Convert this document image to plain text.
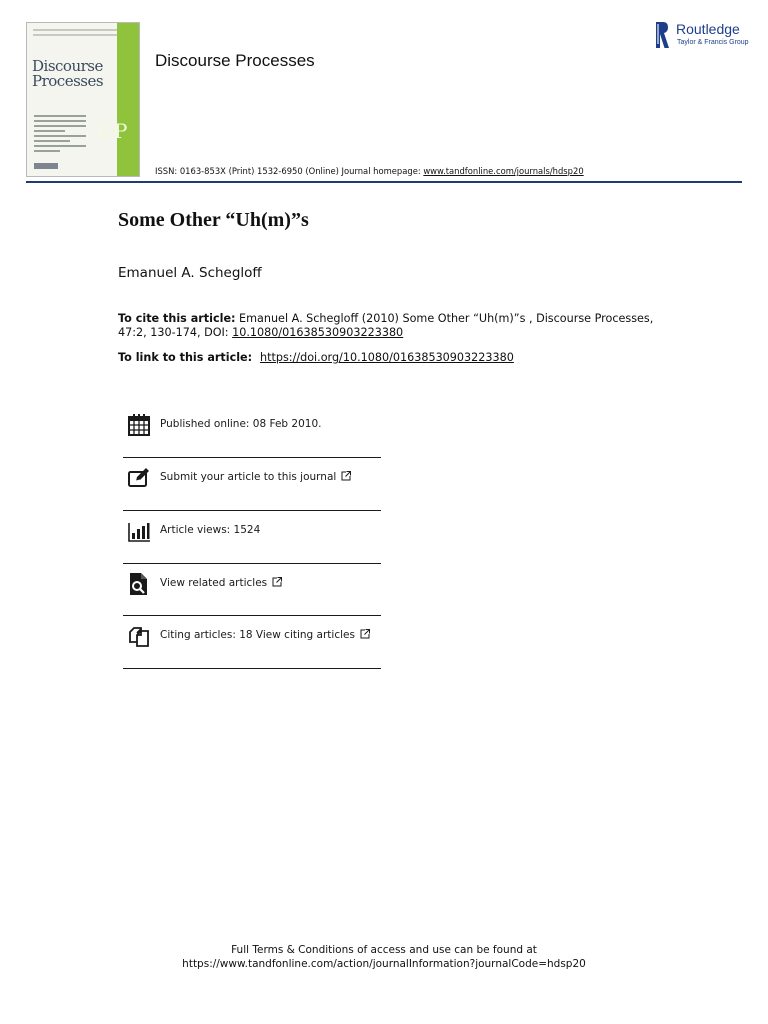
Discourse
Processes
DP
Discourse Processes
ISSN: 0163-853X (Print) 1532-6950 (Online) Journal homepage: www.tandfonline.com/journals/hdsp20
Routledge
Taylor & Francis Group
Some Other “Uh(m)”s
Emanuel A. Schegloff
To cite this article: Emanuel A. Schegloff (2010) Some Other “Uh(m)”s , Discourse Processes, 47:2, 130-174, DOI: 10.1080/01638530903223380
To link to this article: https://doi.org/10.1080/01638530903223380
Published online: 08 Feb 2010.
Submit your article to this journal
Article views: 1524
View related articles
Citing articles: 18 View citing articles
Full Terms & Conditions of access and use can be found at
https://www.tandfonline.com/action/journalInformation?journalCode=hdsp20
